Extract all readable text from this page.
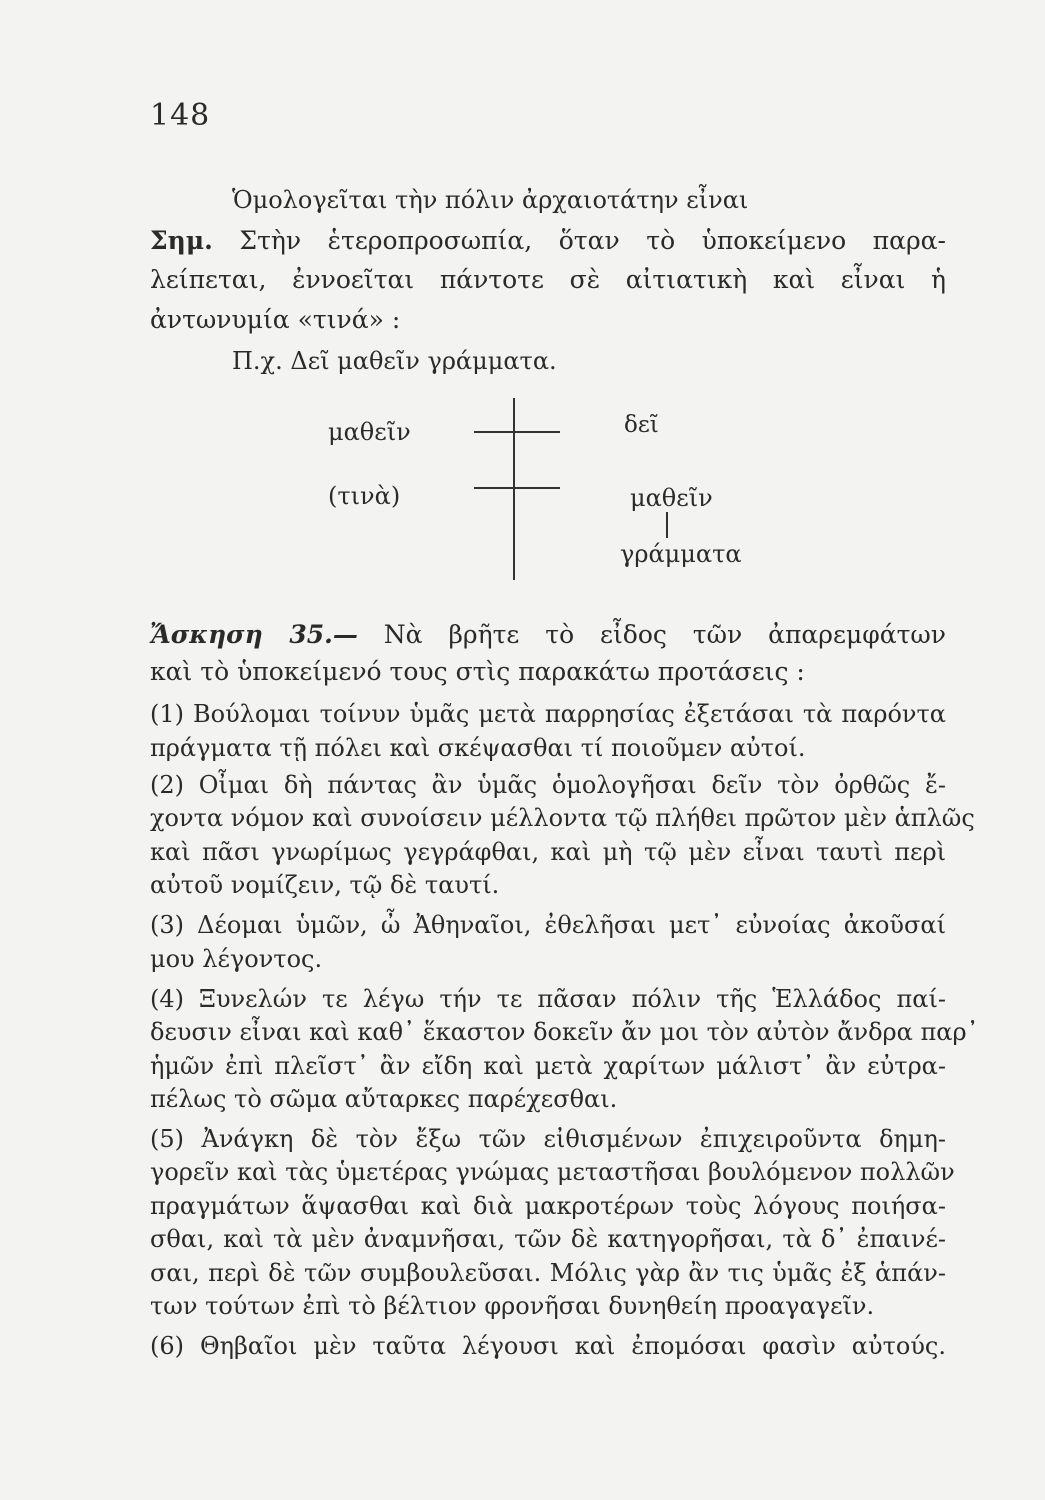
148
Ὁμολογεῖται τὴν πόλιν ἀρχαιοτάτην εἶναι
Σημ. Στὴν ἑτεροπροσωπία, ὅταν τὸ ὑποκείμενο παρα-
λείπεται, ἐννοεῖται πάντοτε σὲ αἰτιατικὴ καὶ εἶναι ἡ
ἀντωνυμία «τινά» :
Π.χ. Δεῖ μαθεῖν γράμματα.
μαθεῖν	δεῖ
(τινὰ)	μαθεῖν
γράμματα
Ἄσκηση 35.— Νὰ βρῆτε τὸ εἶδος τῶν ἀπαρεμφάτων
καὶ τὸ ὑποκείμενό τους στὶς παρακάτω προτάσεις :
(1) Βούλομαι τοίνυν ὑμᾶς μετὰ παρρησίας ἐξετάσαι τὰ παρόντα
πράγματα τῇ πόλει καὶ σκέψασθαι τί ποιοῦμεν αὐτοί.
(2) Οἶμαι δὴ πάντας ἂν ὑμᾶς ὁμολογῆσαι δεῖν τὸν ὀρθῶς ἔ-
χοντα νόμον καὶ συνοίσειν μέλλοντα τῷ πλήθει πρῶτον μὲν ἁπλῶς
καὶ πᾶσι γνωρίμως γεγράφθαι, καὶ μὴ τῷ μὲν εἶναι ταυτὶ περὶ
αὐτοῦ νομίζειν, τῷ δὲ ταυτί.
(3) Δέομαι ὑμῶν, ὦ Ἀθηναῖοι, ἐθελῆσαι μετ᾽ εὐνοίας ἀκοῦσαί
μου λέγοντος.
(4) Ξυνελών τε λέγω τήν τε πᾶσαν πόλιν τῆς Ἑλλάδος παί-
δευσιν εἶναι καὶ καθ᾽ ἕκαστον δοκεῖν ἄν μοι τὸν αὐτὸν ἄνδρα παρ᾽
ἡμῶν ἐπὶ πλεῖστ᾽ ἂν εἴδη καὶ μετὰ χαρίτων μάλιστ᾽ ἂν εὐτρα-
πέλως τὸ σῶμα αὔταρκες παρέχεσθαι.
(5) Ἀνάγκη δὲ τὸν ἔξω τῶν εἰθισμένων ἐπιχειροῦντα δημη-
γορεῖν καὶ τὰς ὑμετέρας γνώμας μεταστῆσαι βουλόμενον πολλῶν
πραγμάτων ἅψασθαι καὶ διὰ μακροτέρων τοὺς λόγους ποιήσα-
σθαι, καὶ τὰ μὲν ἀναμνῆσαι, τῶν δὲ κατηγορῆσαι, τὰ δ᾽ ἐπαινέ-
σαι, περὶ δὲ τῶν συμβουλεῦσαι. Μόλις γὰρ ἂν τις ὑμᾶς ἐξ ἁπάν-
των τούτων ἐπὶ τὸ βέλτιον φρονῆσαι δυνηθείη προαγαγεῖν.
(6) Θηβαῖοι μὲν ταῦτα λέγουσι καὶ ἐπομόσαι φασὶν αὐτούς.
